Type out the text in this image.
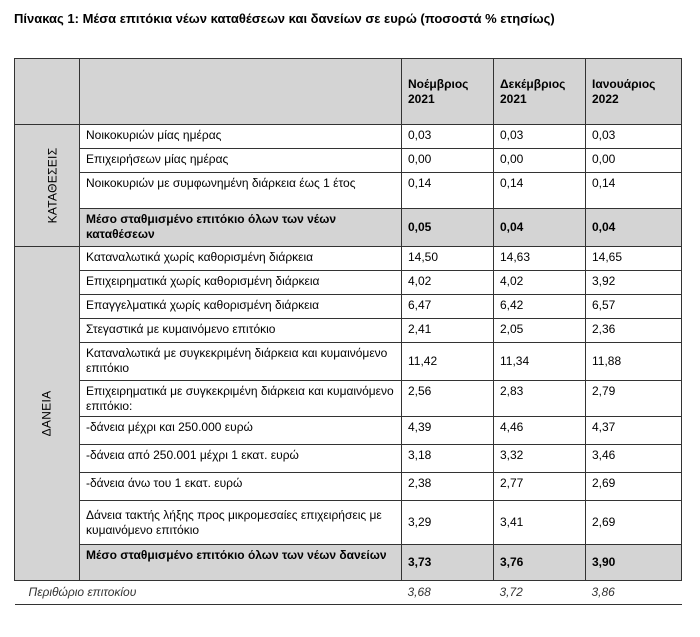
Πίνακας 1: Μέσα επιτόκια νέων καταθέσεων και δανείων σε ευρώ (ποσοστά % ετησίως)
		Νοέμβριος 2021	Δεκέμβριος 2021	Ιανουάριος 2022
ΚΑΤΑΘΕΣΕΙΣ	Νοικοκυριών μίας ημέρας	0,03	0,03	0,03
	Επιχειρήσεων μίας ημέρας	0,00	0,00	0,00
	Νοικοκυριών με συμφωνημένη διάρκεια έως 1 έτος	0,14	0,14	0,14
	Μέσο σταθμισμένο επιτόκιο όλων των νέων καταθέσεων	0,05	0,04	0,04
ΔΑΝΕΙΑ	Καταναλωτικά χωρίς καθορισμένη διάρκεια	14,50	14,63	14,65
	Επιχειρηματικά χωρίς καθορισμένη διάρκεια	4,02	4,02	3,92
	Επαγγελματικά χωρίς καθορισμένη διάρκεια	6,47	6,42	6,57
	Στεγαστικά με κυμαινόμενο επιτόκιο	2,41	2,05	2,36
	Καταναλωτικά με συγκεκριμένη διάρκεια και κυμαινόμενο επιτόκιο	11,42	11,34	11,88
	Επιχειρηματικά με συγκεκριμένη διάρκεια και κυμαινόμενο επιτόκιο:	2,56	2,83	2,79
	-δάνεια μέχρι και 250.000 ευρώ	4,39	4,46	4,37
	-δάνεια από 250.001 μέχρι 1 εκατ. ευρώ	3,18	3,32	3,46
	-δάνεια άνω του 1 εκατ. ευρώ	2,38	2,77	2,69
	Δάνεια τακτής λήξης προς μικρομεσαίες επιχειρήσεις με κυμαινόμενο επιτόκιο	3,29	3,41	2,69
	Μέσο σταθμισμένο επιτόκιο όλων των νέων δανείων	3,73	3,76	3,90
Περιθώριο επιτοκίου		3,68	3,72	3,86
